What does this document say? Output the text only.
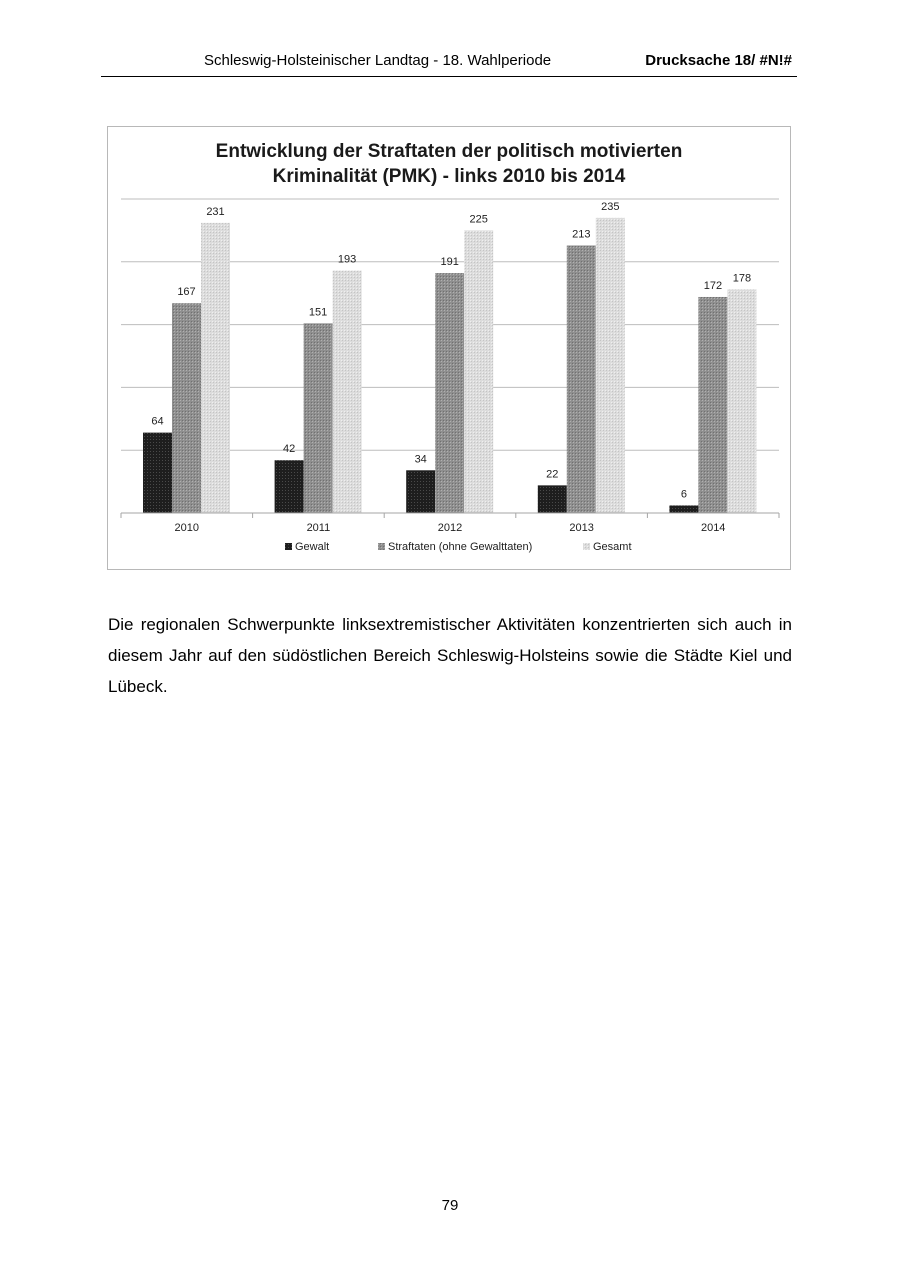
Schleswig-Holsteinischer Landtag - 18. Wahlperiode	Drucksache 18/ #N!#
Entwicklung der Straftaten der politisch motivierten
Kriminalität (PMK) - links 2010 bis 2014
64
167
231
42
151
193
34
191
225
22
213
235
6
172
178
2010	2011	2012	2013	2014
Gewalt	Straftaten (ohne Gewalttaten)	Gesamt

Die regionalen Schwerpunkte linksextremistischer Aktivitäten konzentrierten sich auch in diesem Jahr auf den südöstlichen Bereich Schleswig-Holsteins sowie die Städte Kiel und Lübeck.

79
